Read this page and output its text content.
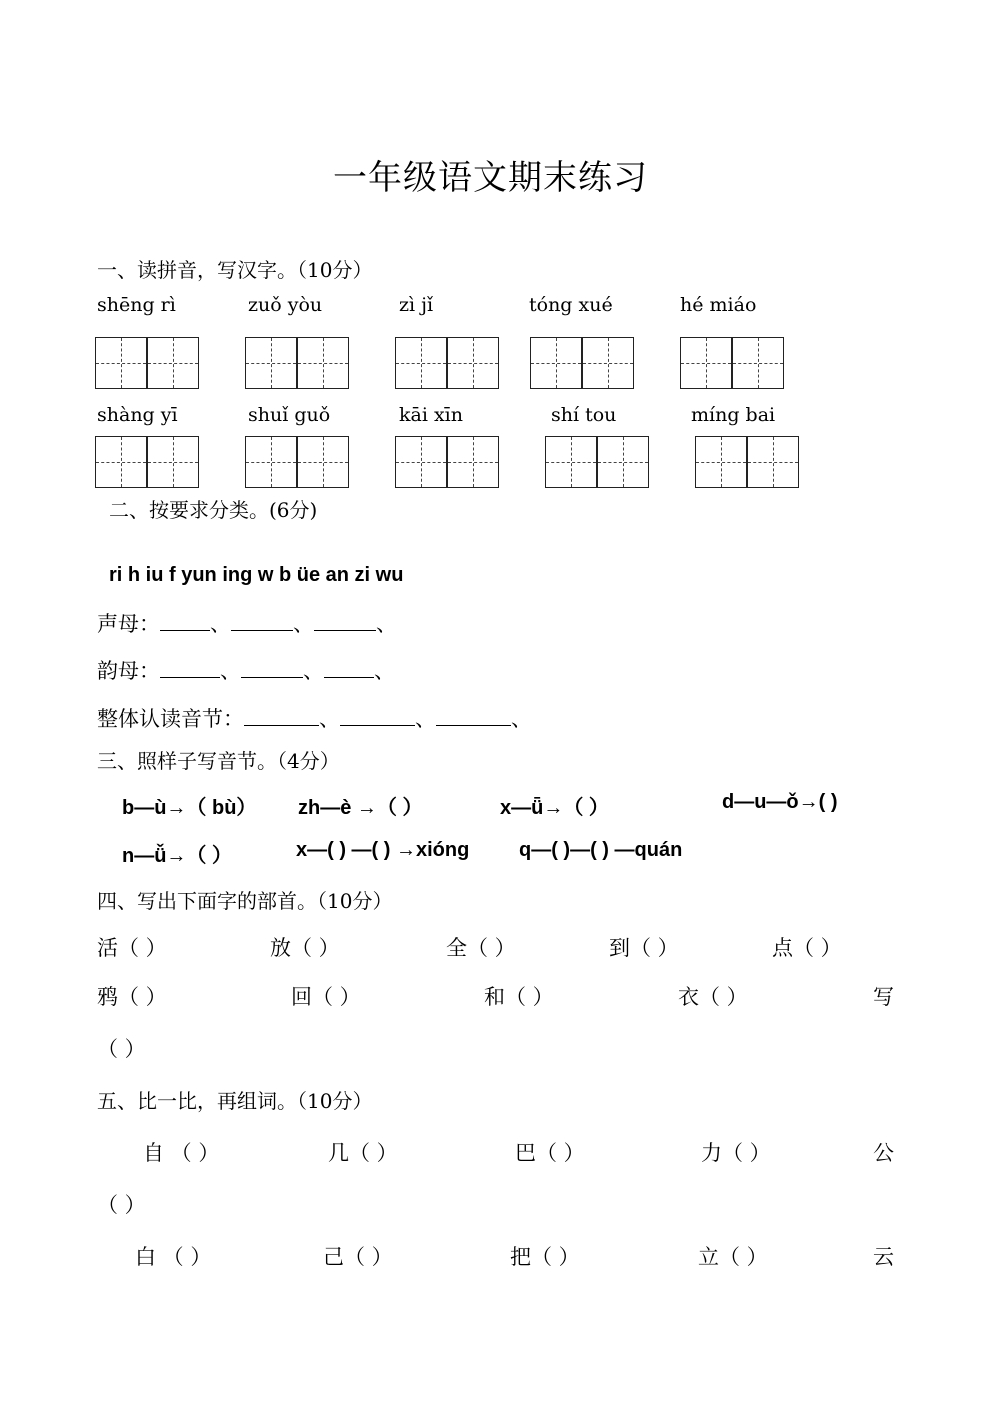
一年级语文期末练习
一、读拼音，写汉字。（10分）
shēng rì	zuǒ yòu	zì jǐ	tóng xué	hé miáo
shàng yī	shuǐ guǒ	kāi xīn	shí tou	míng bai
二、按要求分类。(6分)
ri h iu f yun ing w b üe an zi wu
声母： 、	、	、
韵母：	、	、 、
整体认读音节：	、	、	、
三、照样子写音节。（4分）
b—ù→（ bù） zh—è →（ ）	x—ǖ→（ ）	d—u—ǒ→( )
n—ǚ→（ ）	x—( ) —( ) →xióng q—( )—( ) —quán
四、写出下面字的部首。（10分）
活（ ）	放（ ）	全（ ）	到（ ）	点（ ）
鸦（ ）	回（ ）	和（ ）	衣（ ）	写
（ ）
五、比一比，再组词。（10分）
自 （ ）	几（ ）	巴（ ）	力（ ）	公
（ ）
白 （ ）	己（ ）	把（ ）	立（ ）	云
